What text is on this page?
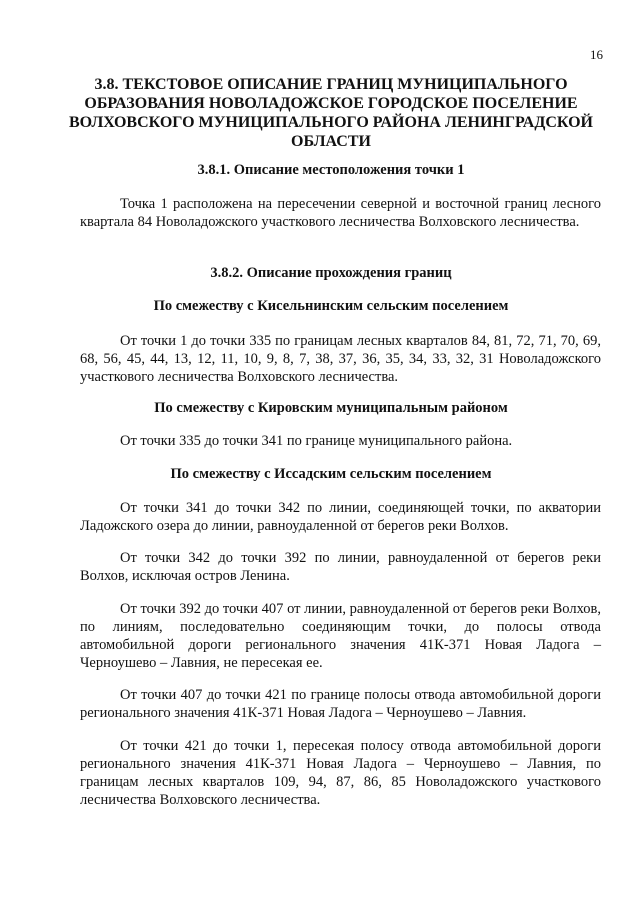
16

3.8. ТЕКСТОВОЕ ОПИСАНИЕ ГРАНИЦ МУНИЦИПАЛЬНОГО ОБРАЗОВАНИЯ НОВОЛАДОЖСКОЕ ГОРОДСКОЕ ПОСЕЛЕНИЕ ВОЛХОВСКОГО МУНИЦИПАЛЬНОГО РАЙОНА ЛЕНИНГРАДСКОЙ ОБЛАСТИ
3.8.1. Описание местоположения точки 1

Точка 1 расположена на пересечении северной и восточной границ лесного квартала 84 Новоладожского участкового лесничества Волховского лесничества.

3.8.2. Описание прохождения границ
По смежеству с Кисельнинским сельским поселением

От точки 1 до точки 335 по границам лесных кварталов 84, 81, 72, 71, 70, 69, 68, 56, 45, 44, 13, 12, 11, 10, 9, 8, 7, 38, 37, 36, 35, 34, 33, 32, 31 Новоладожского участкового лесничества Волховского лесничества.

По смежеству с Кировским муниципальным районом

От точки 335 до точки 341 по границе муниципального района.

По смежеству с Иссадским сельским поселением

От точки 341 до точки 342 по линии, соединяющей точки, по акватории Ладожского озера до линии, равноудаленной от берегов реки Волхов.

От точки 342 до точки 392 по линии, равноудаленной от берегов реки Волхов, исключая остров Ленина.

От точки 392 до точки 407 от линии, равноудаленной от берегов реки Волхов, по линиям, последовательно соединяющим точки, до полосы отвода автомобильной дороги регионального значения 41К-371 Новая Ладога – Черноушево – Лавния, не пересекая ее.

От точки 407 до точки 421 по границе полосы отвода автомобильной дороги регионального значения 41К-371 Новая Ладога – Черноушево – Лавния.

От точки 421 до точки 1, пересекая полосу отвода автомобильной дороги регионального значения 41К-371 Новая Ладога – Черноушево – Лавния, по границам лесных кварталов 109, 94, 87, 86, 85 Новоладожского участкового лесничества Волховского лесничества.
